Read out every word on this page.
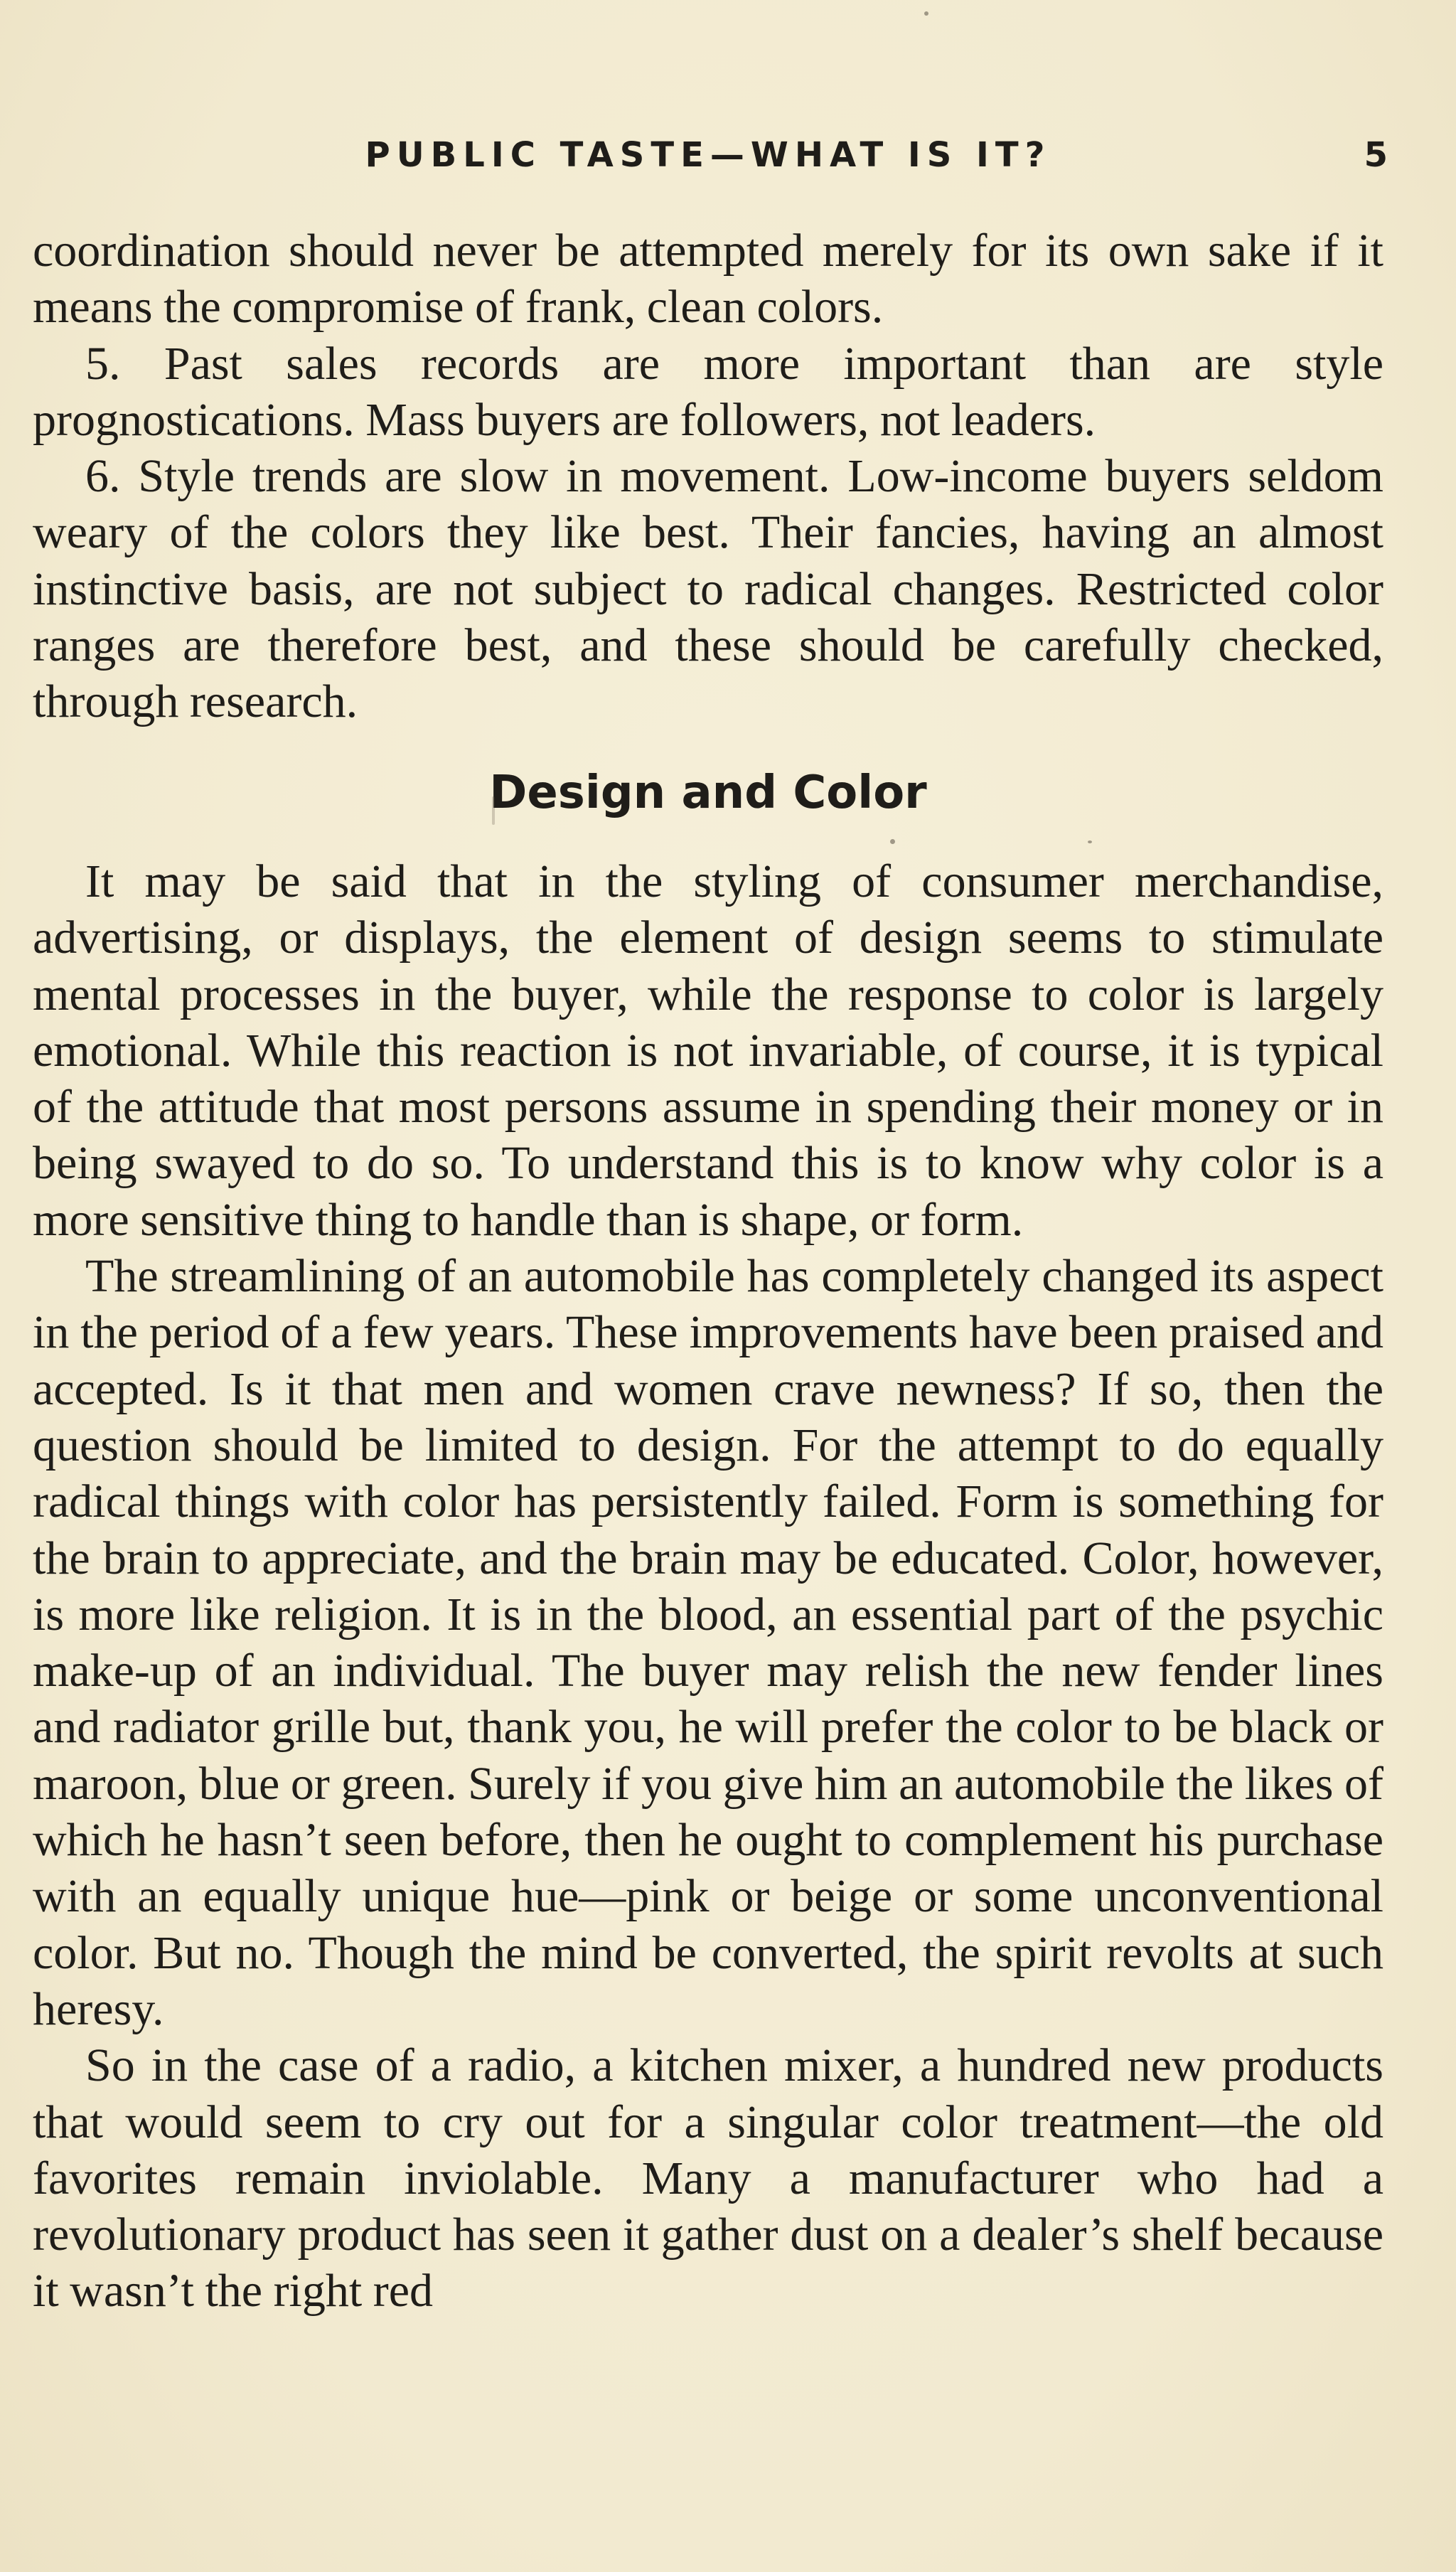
PUBLIC TASTE—WHAT IS IT?	5

coordination should never be attempted merely for its own sake if it means the compromise of frank, clean colors.

5. Past sales records are more important than are style prognostications. Mass buyers are followers, not leaders.

6. Style trends are slow in movement. Low-income buyers seldom weary of the colors they like best. Their fancies, having an almost instinctive basis, are not subject to radical changes. Restricted color ranges are therefore best, and these should be carefully checked, through research.

Design and Color

It may be said that in the styling of consumer merchandise, advertising, or displays, the element of design seems to stimulate mental processes in the buyer, while the response to color is largely emotional. While this reaction is not invariable, of course, it is typical of the attitude that most persons assume in spending their money or in being swayed to do so. To understand this is to know why color is a more sensitive thing to handle than is shape, or form.

The streamlining of an automobile has completely changed its aspect in the period of a few years. These improvements have been praised and accepted. Is it that men and women crave newness? If so, then the question should be limited to design. For the attempt to do equally radical things with color has persistently failed. Form is something for the brain to appreciate, and the brain may be educated. Color, however, is more like religion. It is in the blood, an essential part of the psychic make-up of an individual. The buyer may relish the new fender lines and radiator grille but, thank you, he will prefer the color to be black or maroon, blue or green. Surely if you give him an automobile the likes of which he hasn’t seen before, then he ought to complement his purchase with an equally unique hue—pink or beige or some unconventional color. But no. Though the mind be converted, the spirit revolts at such heresy.

So in the case of a radio, a kitchen mixer, a hundred new products that would seem to cry out for a singular color treatment—the old favorites remain inviolable. Many a manufacturer who had a revolutionary product has seen it gather dust on a dealer’s shelf because it wasn’t the right red
